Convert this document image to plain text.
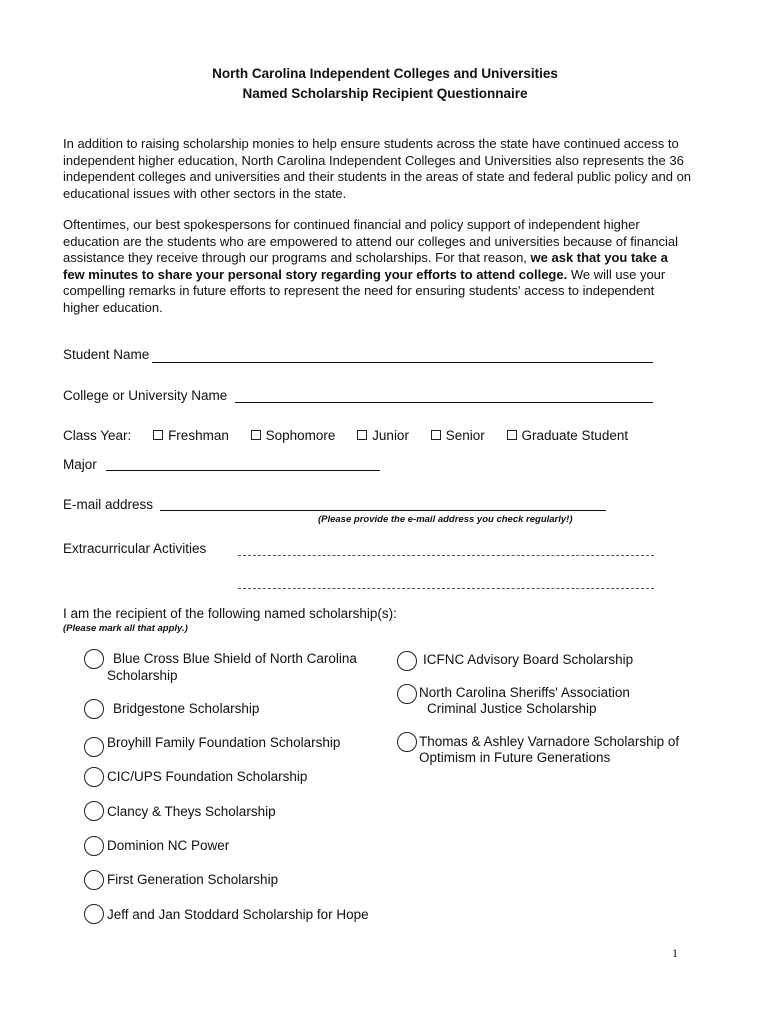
North Carolina Independent Colleges and Universities
Named Scholarship Recipient Questionnaire

In addition to raising scholarship monies to help ensure students across the state have continued access to independent higher education, North Carolina Independent Colleges and Universities also represents the 36 independent colleges and universities and their students in the areas of state and federal public policy and on educational issues with other sectors in the state.

Oftentimes, our best spokespersons for continued financial and policy support of independent higher education are the students who are empowered to attend our colleges and universities because of financial assistance they receive through our programs and scholarships. For that reason, we ask that you take a few minutes to share your personal story regarding your efforts to attend college. We will use your compelling remarks in future efforts to represent the need for ensuring students' access to independent higher education.

Student Name
College or University Name
Class Year:	Freshman	Sophomore	Junior	Senior	Graduate Student
Major
E-mail address
(Please provide the e-mail address you check regularly!)
Extracurricular Activities
I am the recipient of the following named scholarship(s):
(Please mark all that apply.)
Blue Cross Blue Shield of North Carolina
Scholarship
Bridgestone Scholarship
Broyhill Family Foundation Scholarship
CIC/UPS Foundation Scholarship
Clancy & Theys Scholarship
Dominion NC Power
First Generation Scholarship
Jeff and Jan Stoddard Scholarship for Hope
ICFNC Advisory Board Scholarship
North Carolina Sheriffs' Association
Criminal Justice Scholarship
Thomas & Ashley Varnadore Scholarship of
Optimism in Future Generations
1
